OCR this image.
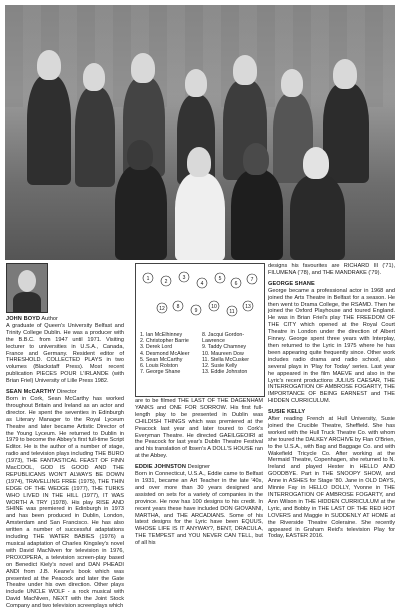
JOHN BOYD Author

A graduate of Queen's University Belfast and Trinity College Dublin. He was a producer with the B.B.C. from 1947 until 1971. Visiting lecturer to universities in U.S.A., Canada, France and Germany. Resident editor of THRESHOLD. COLLECTED PLAYS in two volumes (Blackstaff Press). Most recent publication PIECES POUR L'IRLANDE (with Brian Friel) University of Lille Press 1982.

SEAN McCARTHY Director

Born in Cork, Sean McCarthy has worked throughout Britain and Ireland as an actor and director. He spent the seventies in Edinburgh as Literary Manager to the Royal Lyceum Theatre and later became Artistic Director of the Young Lyceum. He returned to Dublin in 1979 to become the Abbey's first full-time Script Editor. He is the author of a number of stage, radio and television plays including THE BURO (1973), THE FANTASTICAL FEAST OF FINN MacCOOL, GOD IS GOOD AND THE REPUBLICANS WON'T ALWAYS BE DOWN (1974), TRAVELLING FREE (1975), THE THIN EDGE OF THE WEDGE (1977), THE TURKS WHO LIVED IN THE HILL (1977), IT WAS WORTH A TRY (1978). His play RISE AND SHINE was premiered in Edinburgh in 1973 and has been produced in Dublin, London, Amsterdam and San Francisco. He has also written a number of successful adaptations including THE WATER BABIES (1976) a musical adaptation of Charles Kingsley's novel with David MacNiven for television in 1976, PROXOPERA, a television screen-play based on Benedict Kiely's novel and DAN PHEADI ANDI from J.B. Keane's book which was presented at the Peacock and later the Gate Theatre under his own direction. Other plays include UNCLE WOLF - a rock musical with David MacNiven, NEXT with the Joint Stock Company and two television screenplays which

1	2
3
4
5
6
7
8
9
10
11
12	13
1. Ian McElhinney
2. Christopher Barrie
3. Derek Lord
4. Desmond McAleer
5. Sean McCarthy
6. Louis Rolston
7. George Shane
8. Jacqui Gordon-Lawrence
9. Taddy Chamney
10. Maureen Dow
11. Stella McCusker
12. Susie Kelly
13. Eddie Johnston

are to be filmed THE LAST OF THE DAGENHAM YANKS and ONE FOR SORROW. His first full-length play to be presented in Dublin was CHILDISH THINGS which was premiered at the Peacock last year and later toured to Cork's Everyman Theatre. He directed GAEILGEOIRI at the Peacock for last year's Dublin Theatre Festival and his translation of Ibsen's A DOLL'S HOUSE ran at the Abbey.

EDDIE JOHNSTON Designer

Born in Connecticut, U.S.A., Eddie came to Belfast in 1931, became an Art Teacher in the late '40s, and over more than 30 years designed and assisted on sets for a variety of companies in the province. He now has 100 designs to his credit. In recent years these have included DON GIOVANNI, MARTHA, and THE ARCADIANS. Some of his latest designs for the Lyric have been EQUUS, WHOSE LIFE IS IT ANYWAY?, BENT, DRACULA, THE TEMPEST and YOU NEVER CAN TELL, but of all his

designs his favourites are RICHARD III ('71), FILUMENA ('78), and THE MANDRAKE ('79).

GEORGE SHANE

George became a professional actor in 1968 and joined the Arts Theatre in Belfast for a season. He then went to Drama College, the RSAMD. Then he joined the Oxford Playhouse and toured England. He was in Brian Friel's play THE FREEDOM OF THE CITY which opened at the Royal Court Theatre in London under the direction of Albert Finney. George spent three years with Interplay, then returned to the Lyric in 1975 where he has been appearing quite frequently since. Other work includes radio drama and radio school, also several plays in 'Play for Today' series. Last year he appeared in the film MAEVE and also in the Lyric's recent productions JULIUS CAESAR, THE INTERROGATION OF AMBROSE FOGARTY, THE IMPORTANCE OF BEING EARNEST and THE HIDDEN CURRICULUM.

SUSIE KELLY

After reading French at Hull University, Susie joined the Crucible Theatre, Sheffield. She has worked with the Hull Truck Theatre Co. with whom she toured the DALKEY ARCHIVE by Flan O'Brien, to the U.S.A., with Bag and Baggage Co. and with Wakefield Tricycle Co. After working at the Mermaid Theatre, Copenhagen, she returned to N. Ireland and played Hester in HELLO AND GOODBYE. Part in THE SNOOPY SHOW, and Anne in ASHES for Stage '80. Jane in OLD DAYS, Minnie Fay in HELLO DOLLY, Yvonne in THE INTERROGATION OF AMBROSE FOGARTY, and Ann Wilson in THE HIDDEN CURRICULUM at the Lyric, and Bobby in THE LAST OF THE RED HOT LOVERS and Maggie in SUDDENLY AT HOME at the Riverside Theatre Coleraine. She recently appeared in Graham Reid's television Play for Today, EASTER 2016.
